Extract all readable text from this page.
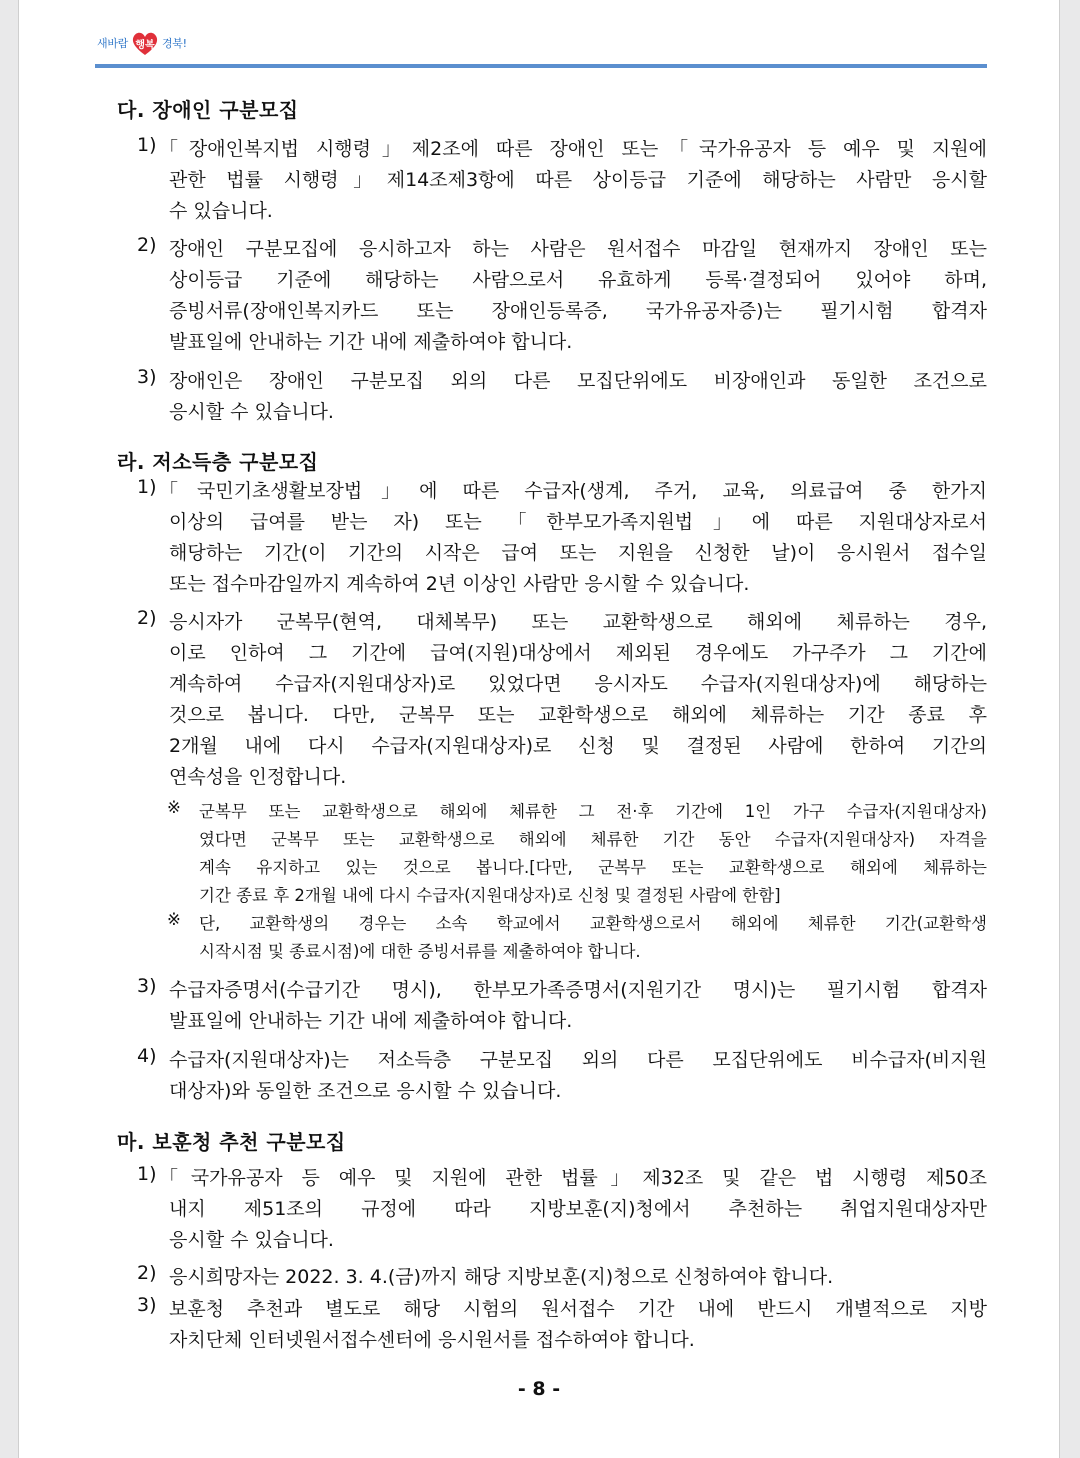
새바람 행복 경북!
다. 장애인 구분모집
1) 「장애인복지법 시행령」제2조에 따른 장애인 또는「국가유공자 등 예우 및 지원에
관한 법률 시행령」제14조제3항에 따른 상이등급 기준에 해당하는 사람만 응시할
수 있습니다.
2) 장애인 구분모집에 응시하고자 하는 사람은 원서접수 마감일 현재까지 장애인 또는
상이등급 기준에 해당하는 사람으로서 유효하게 등록·결정되어 있어야 하며,
증빙서류(장애인복지카드 또는 장애인등록증, 국가유공자증)는 필기시험 합격자
발표일에 안내하는 기간 내에 제출하여야 합니다.
3) 장애인은 장애인 구분모집 외의 다른 모집단위에도 비장애인과 동일한 조건으로
응시할 수 있습니다.
라. 저소득층 구분모집
1) 「국민기초생활보장법」에 따른 수급자(생계, 주거, 교육, 의료급여 중 한가지
이상의 급여를 받는 자) 또는 「한부모가족지원법」에 따른 지원대상자로서
해당하는 기간(이 기간의 시작은 급여 또는 지원을 신청한 날)이 응시원서 접수일
또는 접수마감일까지 계속하여 2년 이상인 사람만 응시할 수 있습니다.
2) 응시자가 군복무(현역, 대체복무) 또는 교환학생으로 해외에 체류하는 경우,
이로 인하여 그 기간에 급여(지원)대상에서 제외된 경우에도 가구주가 그 기간에
계속하여 수급자(지원대상자)로 있었다면 응시자도 수급자(지원대상자)에 해당하는
것으로 봅니다. 다만, 군복무 또는 교환학생으로 해외에 체류하는 기간 종료 후
2개월 내에 다시 수급자(지원대상자)로 신청 및 결정된 사람에 한하여 기간의
연속성을 인정합니다.
※ 군복무 또는 교환학생으로 해외에 체류한 그 전·후 기간에 1인 가구 수급자(지원대상자)
였다면 군복무 또는 교환학생으로 해외에 체류한 기간 동안 수급자(지원대상자) 자격을
계속 유지하고 있는 것으로 봅니다.[다만, 군복무 또는 교환학생으로 해외에 체류하는
기간 종료 후 2개월 내에 다시 수급자(지원대상자)로 신청 및 결정된 사람에 한함]
※ 단, 교환학생의 경우는 소속 학교에서 교환학생으로서 해외에 체류한 기간(교환학생
시작시점 및 종료시점)에 대한 증빙서류를 제출하여야 합니다.
3) 수급자증명서(수급기간 명시), 한부모가족증명서(지원기간 명시)는 필기시험 합격자
발표일에 안내하는 기간 내에 제출하여야 합니다.
4) 수급자(지원대상자)는 저소득층 구분모집 외의 다른 모집단위에도 비수급자(비지원
대상자)와 동일한 조건으로 응시할 수 있습니다.
마. 보훈청 추천 구분모집
1) 「국가유공자 등 예우 및 지원에 관한 법률」제32조 및 같은 법 시행령 제50조
내지 제51조의 규정에 따라 지방보훈(지)청에서 추천하는 취업지원대상자만
응시할 수 있습니다.
2) 응시희망자는 2022. 3. 4.(금)까지 해당 지방보훈(지)청으로 신청하여야 합니다.
3) 보훈청 추천과 별도로 해당 시험의 원서접수 기간 내에 반드시 개별적으로 지방
자치단체 인터넷원서접수센터에 응시원서를 접수하여야 합니다.
- 8 -
